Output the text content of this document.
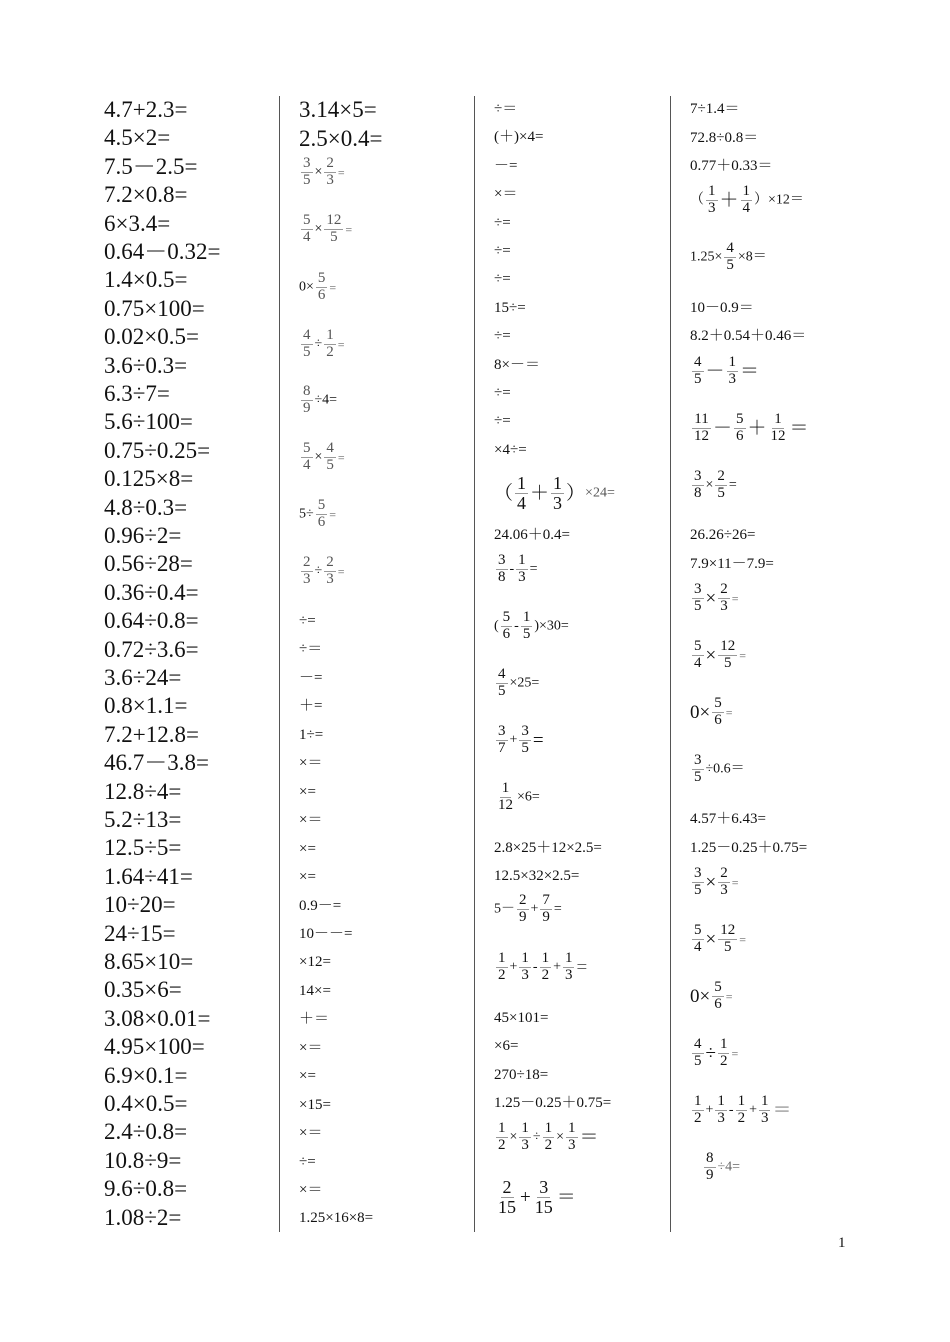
4.7+2.3=
4.5×2=
7.5－2.5=
7.2×0.8=
6×3.4=
0.64－0.32=
1.4×0.5=
0.75×100=
0.02×0.5=
3.6÷0.3=
6.3÷7=
5.6÷100=
0.75÷0.25=
0.125×8=
4.8÷0.3=
0.96÷2=
0.56÷28=
0.36÷0.4=
0.64÷0.8=
0.72÷3.6=
3.6÷24=
0.8×1.1=
7.2+12.8=
46.7－3.8=
12.8÷4=
5.2÷13=
12.5÷5=
1.64÷41=
10÷20=
24÷15=
8.65×10=
0.35×6=
3.08×0.01=
4.95×100=
6.9×0.1=
0.4×0.5=
2.4÷0.8=
10.8÷9=
9.6÷0.8=
1.08÷2=
3.14×5=
2.5×0.4=
$\frac{3}{5} \times \frac{2}{3}$ =
$\frac{5}{4} \times \frac{12}{5}$ =
$0\times \frac{5}{6}$ =
$\frac{4}{5} \div \frac{1}{2}$ =
$\frac{8}{9} \div 4=$
$\frac{5}{4} \times \frac{4}{5}$ =
$5\div \frac{5}{6}$ =
$\frac{2}{3} \div \frac{2}{3}$ =
÷=
÷＝
－=
＋=
1÷=
×＝
×=
×＝
×=
×=
0.9－=
10－－=
×12=
14×=
＋＝
×＝
×=
×15=
×＝
÷=
×＝
1.25×16×8=
÷＝
(＋)×4=
－=
×＝
÷=
÷=
÷=
15÷=
÷=
8×－＝
÷=
÷=
×4÷=
（ $\frac{1}{4} + \frac{1}{3} )\times 24=$
24.06＋0.4=
$\frac{3}{8} - \frac{1}{3}$ =
( $\frac{5}{6} - \frac{1}{5} )\times 30=$
$\frac{4}{5} \times 25=$
$\frac{3}{7} + \frac{3}{5}$ =
$\frac{1}{12} \times 6=$
2.8×25＋12×2.5=
12.5×32×2.5=
$5- \frac{2}{9} + \frac{7}{9}$ =
$\frac{1}{2} + \frac{1}{3} - \frac{1}{2} + \frac{1}{3}$ =
45×101=
×6=
270÷18=
1.25－0.25＋0.75=
$\frac{1}{2} \times \frac{1}{3} \div \frac{1}{2} \times \frac{1}{3}$ ＝
$\frac{2}{15} + \frac{3}{15}$ ＝
7÷1.4＝
72.8÷0.8＝
0.77＋0.33＝
（ $\frac{1}{3} + \frac{1}{4} )\times 12=$
$1.25\times \frac{4}{5} \times 8=$
10－0.9＝
8.2＋0.54＋0.46＝
$\frac{4}{5} - \frac{1}{3}$ ＝
$\frac{11}{12} - \frac{5}{6} + \frac{1}{12}$ ＝
$\frac{3}{8} \times \frac{2}{5}$ =
26.26÷26=
7.9×11－7.9=
$\frac{3}{5} \times \frac{2}{3}$ =
$\frac{5}{4} \times \frac{12}{5}$ =
$0\times \frac{5}{6}$ =
$\frac{3}{5} \div 0.6=$
4.57＋6.43=
1.25－0.25＋0.75=
$\frac{3}{5} \times \frac{2}{3}$ =
$\frac{5}{4} \times \frac{12}{5}$ =
$0\times \frac{5}{6}$ =
$\frac{4}{5} \div \frac{1}{2}$ =
$\frac{1}{2} + \frac{1}{3} - \frac{1}{2} + \frac{1}{3}$ ＝
$\frac{8}{9} \div 4=$
1
